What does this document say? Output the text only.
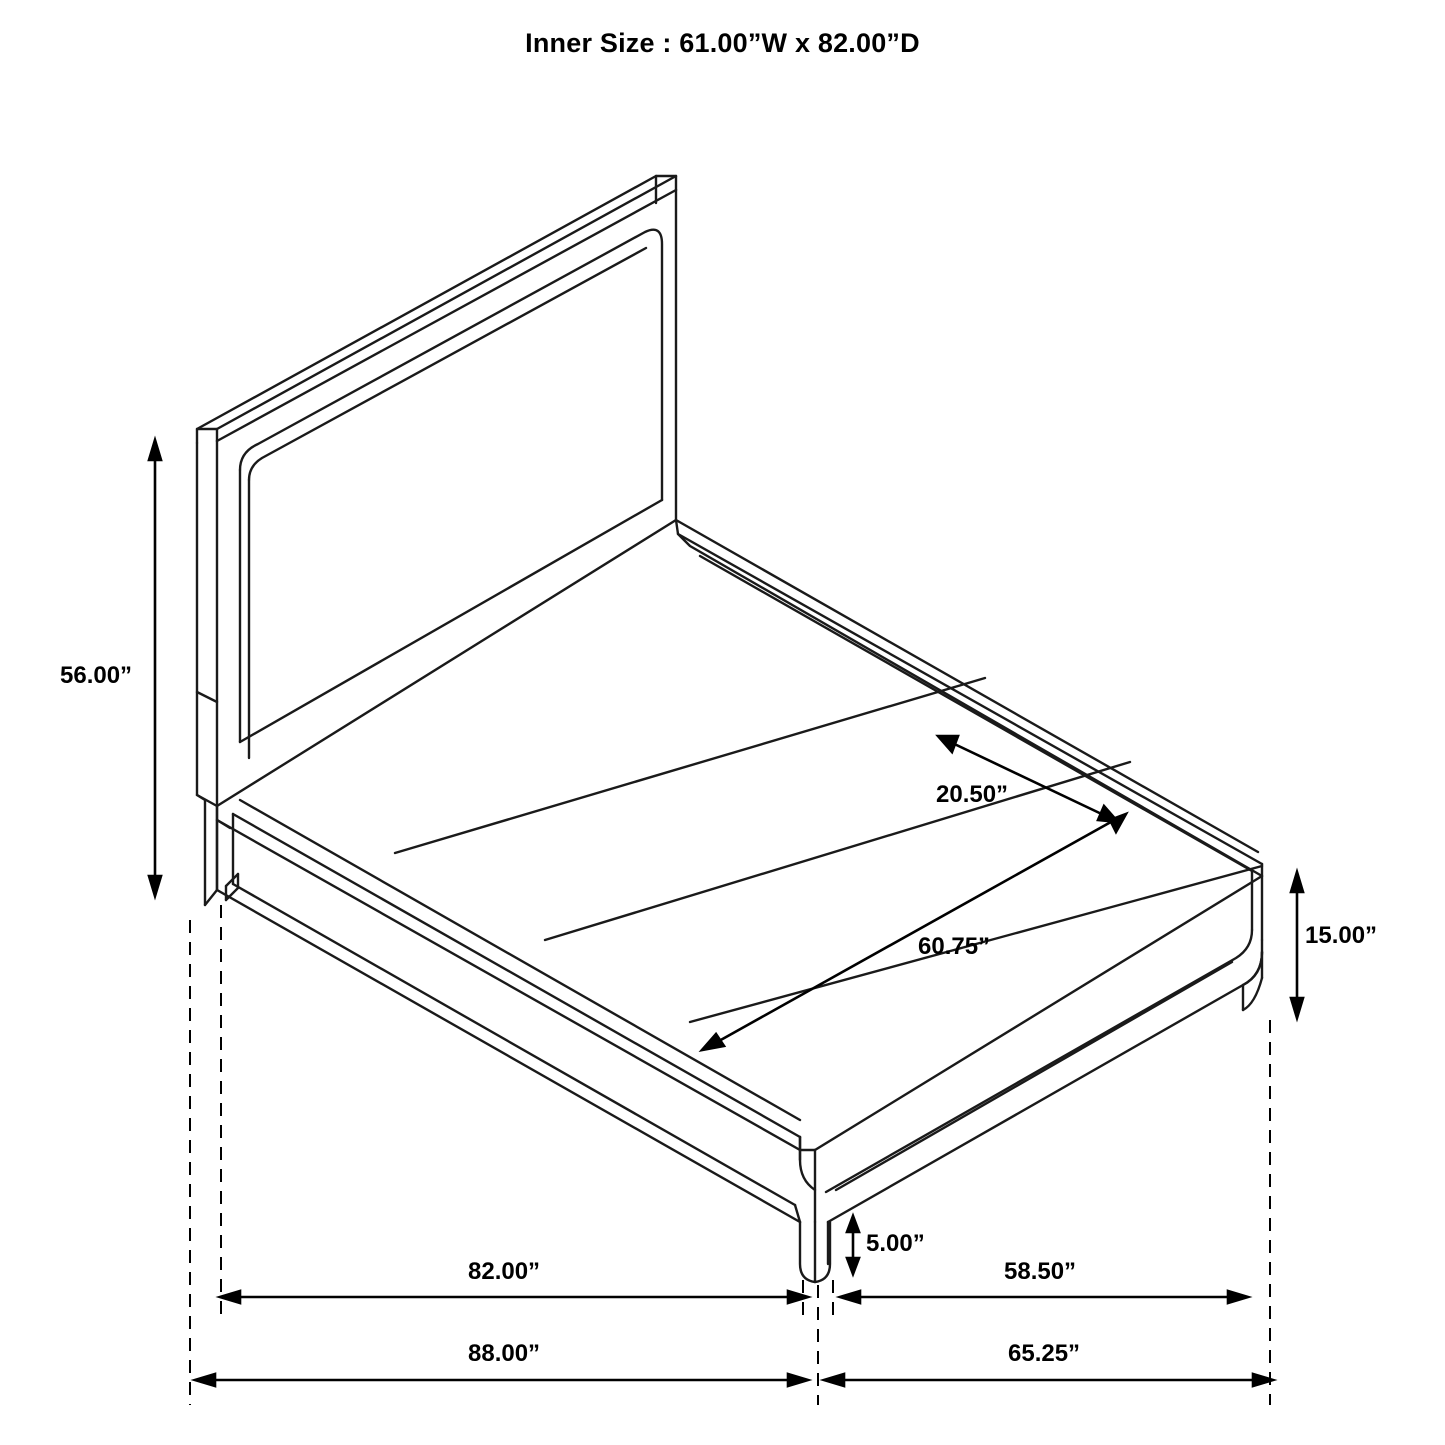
Inner Size : 61.00”W x 82.00”D
56.00”
20.50”
60.75”	15.00”
5.00”
82.00”	58.50”
88.00”	65.25”
